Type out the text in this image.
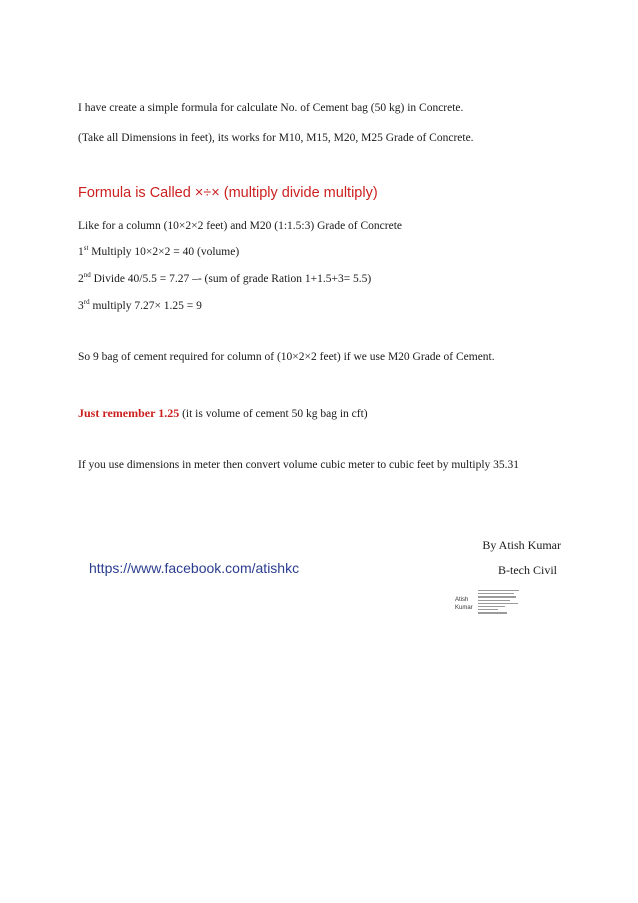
I have create a simple formula for calculate No. of Cement bag (50 kg) in Concrete.
(Take all Dimensions in feet), its works for M10, M15, M20, M25 Grade of Concrete.
Formula is Called ×÷× (multiply divide multiply)
Like for a column (10×2×2 feet) and M20 (1:1.5:3) Grade of Concrete
1st Multiply 10×2×2 = 40 (volume)
2nd Divide 40/5.5 = 7.27 –- (sum of grade Ration 1+1.5+3= 5.5)
3rd multiply 7.27× 1.25 = 9
So 9 bag of cement required for column of (10×2×2 feet) if we use M20 Grade of Cement.
Just remember 1.25 (it is volume of cement 50 kg bag in cft)
If you use dimensions in meter then convert volume cubic meter to cubic feet by multiply 35.31
By Atish Kumar
https://www.facebook.com/atishkc	B-tech Civil
Atish
Kumar
